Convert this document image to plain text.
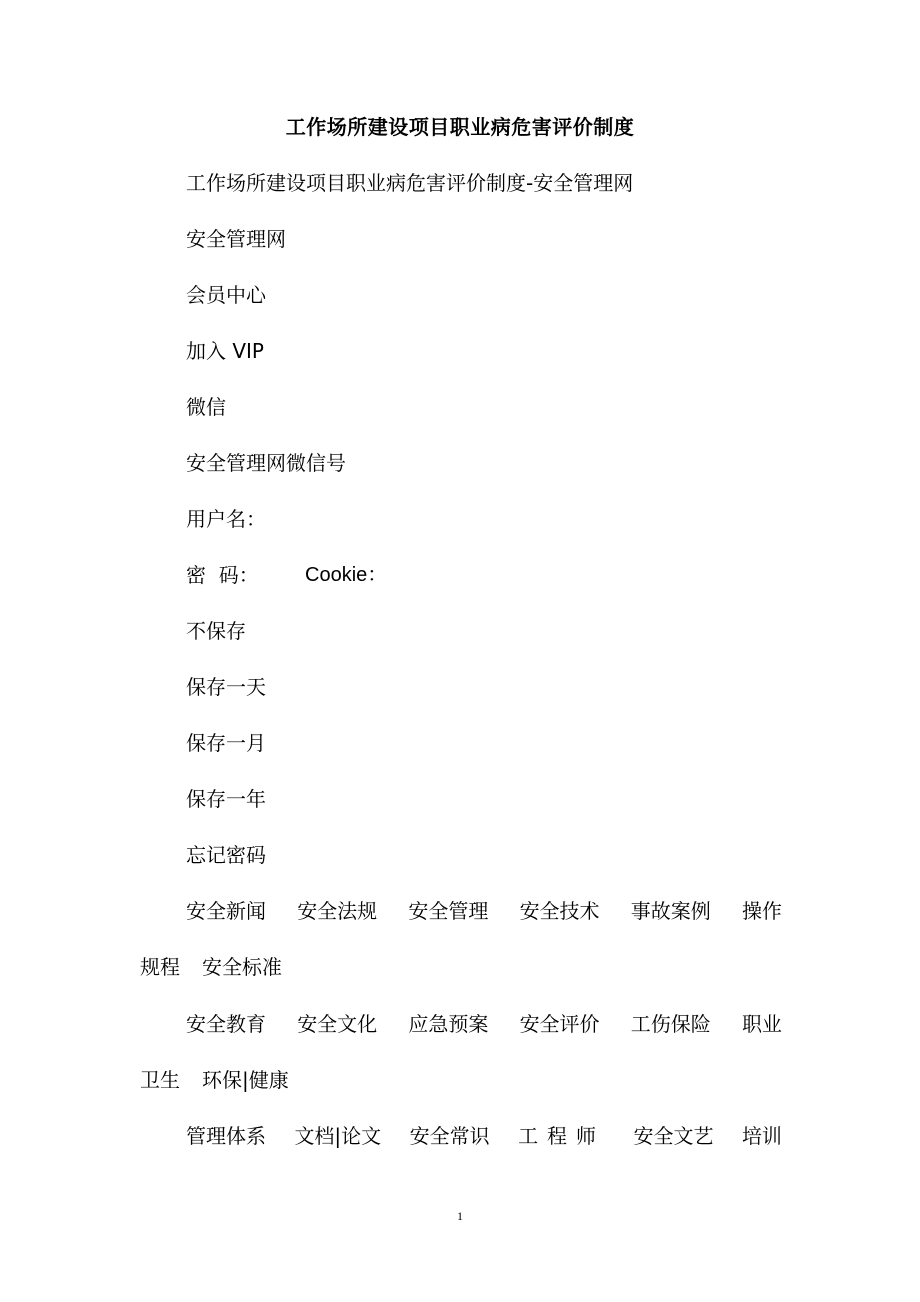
工作场所建设项目职业病危害评价制度
工作场所建设项目职业病危害评价制度-安全管理网
安全管理网
会员中心
加入 VIP
微信
安全管理网微信号
用户名：
密  码： Cookie：
不保存
保存一天
保存一月
保存一年
忘记密码
安全新闻 安全法规 安全管理 安全技术 事故案例 操作
规程 安全标准
安全教育 安全文化 应急预案 安全评价 工伤保险 职业
卫生 环保|健康
管理体系 文档|论文 安全常识 工程师 安全文艺 培训
1
